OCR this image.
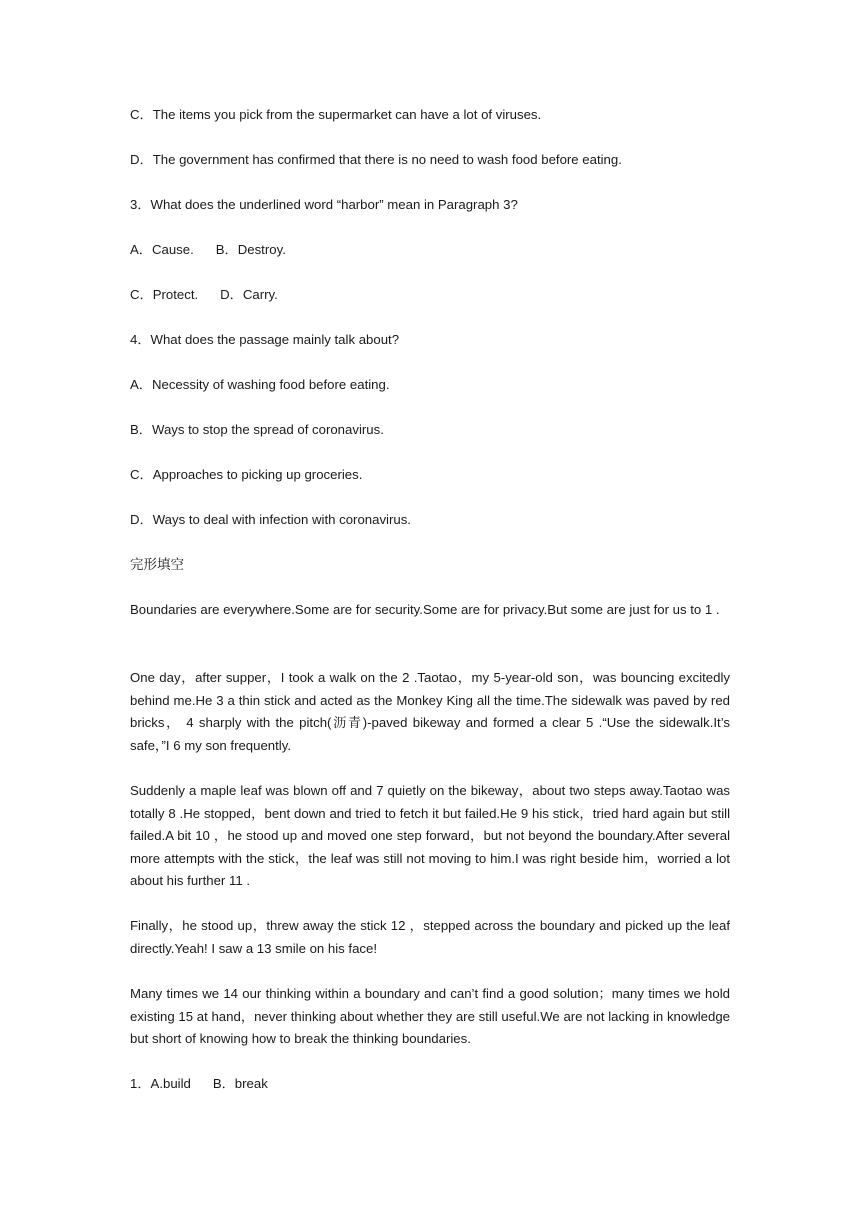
C．The items you pick from the supermarket can have a lot of viruses.
D．The government has confirmed that there is no need to wash food before eating.
3．What does the underlined word “harbor” mean in Paragraph 3?
A．Cause.      B．Destroy.
C．Protect.      D．Carry.
4．What does the passage mainly talk about?
A．Necessity of washing food before eating.
B．Ways to stop the spread of coronavirus.
C．Approaches to picking up groceries.
D．Ways to deal with infection with coronavirus.
完形填空
Boundaries are everywhere.Some are for security.Some are for privacy.But some are just for us to 1 .
One day，after supper，I took a walk on the 2 .Taotao，my 5-year-old son，was bouncing excitedly behind me.He 3 a thin stick and acted as the Monkey King all the time.The sidewalk was paved by red bricks， 4 sharply with the pitch(沥青)-paved bikeway and formed a clear 5 .“Use the sidewalk.It’s safe，”I 6 my son frequently.
Suddenly a maple leaf was blown off and 7 quietly on the bikeway，about two steps away.Taotao was totally 8 .He stopped，bent down and tried to fetch it but failed.He 9 his stick，tried hard again but still failed.A bit 10 ，he stood up and moved one step forward，but not beyond the boundary.After several more attempts with the stick，the leaf was still not moving to him.I was right beside him，worried a lot about his further 11 .
Finally，he stood up，threw away the stick 12 ，stepped across the boundary and picked up the leaf directly.Yeah! I saw a 13 smile on his face!
Many times we 14 our thinking within a boundary and can’t find a good solution；many times we hold existing 15 at hand，never thinking about whether they are still useful.We are not lacking in knowledge but short of knowing how to break the thinking boundaries.
1．A.build      B．break
